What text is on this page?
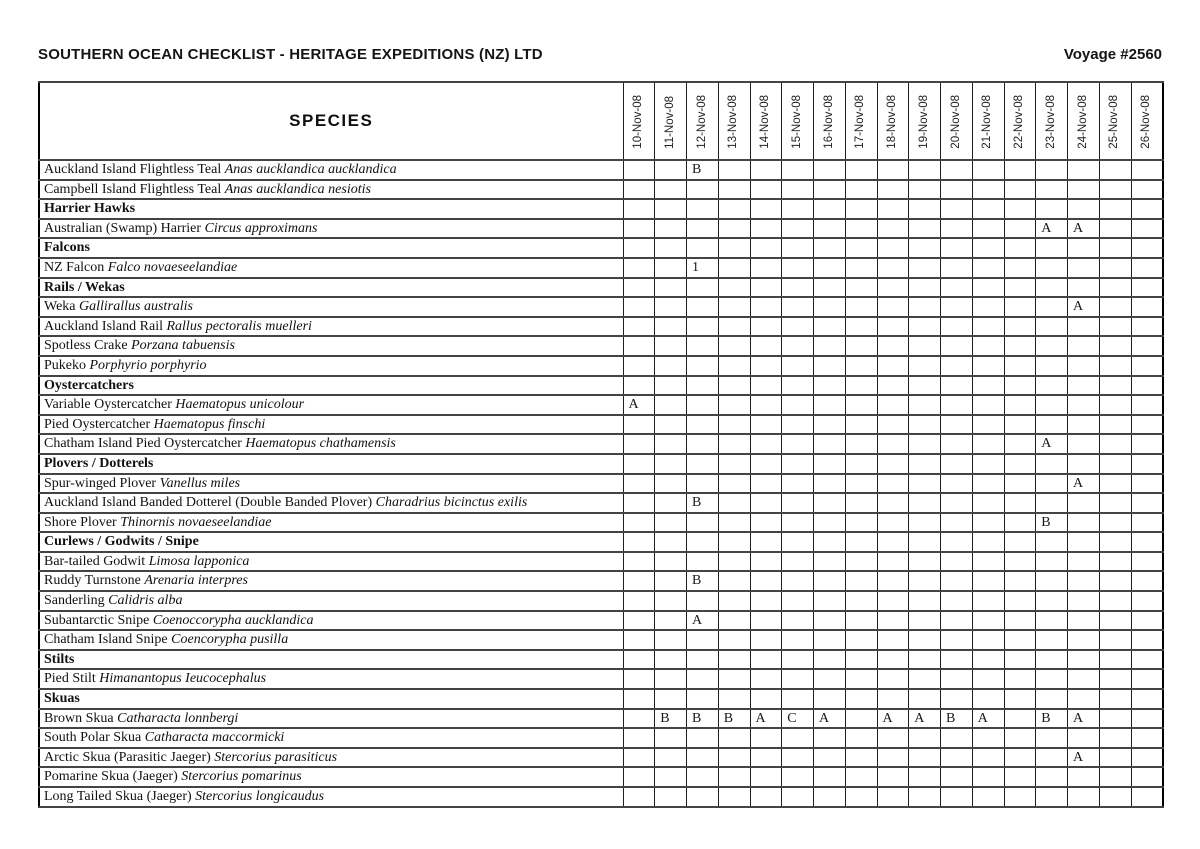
SOUTHERN OCEAN CHECKLIST - HERITAGE EXPEDITIONS (NZ) LTD	Voyage #2560
SPECIES	10-Nov-08	11-Nov-08	12-Nov-08	13-Nov-08	14-Nov-08	15-Nov-08	16-Nov-08	17-Nov-08	18-Nov-08	19-Nov-08	20-Nov-08	21-Nov-08	22-Nov-08	23-Nov-08	24-Nov-08	25-Nov-08	26-Nov-08
Auckland Island Flightless Teal Anas aucklandica aucklandica			B														
Campbell Island Flightless Teal Anas aucklandica nesiotis																	
Harrier Hawks																	
Australian (Swamp) Harrier Circus approximans														A	A		
Falcons																	
NZ Falcon Falco novaeseelandiae			1														
Rails / Wekas																	
Weka Gallirallus australis															A		
Auckland Island Rail Rallus pectoralis muelleri																	
Spotless Crake Porzana tabuensis																	
Pukeko Porphyrio porphyrio																	
Oystercatchers																	
Variable Oystercatcher Haematopus unicolour	A																
Pied Oystercatcher Haematopus finschi																	
Chatham Island Pied Oystercatcher Haematopus chathamensis														A			
Plovers / Dotterels																	
Spur-winged Plover Vanellus miles															A		
Auckland Island Banded Dotterel (Double Banded Plover) Charadrius bicinctus exilis			B														
Shore Plover Thinornis novaeseelandiae														B			
Curlews / Godwits / Snipe																	
Bar-tailed Godwit Limosa lapponica																	
Ruddy Turnstone Arenaria interpres			B														
Sanderling Calidris alba																	
Subantarctic Snipe Coenoccorypha aucklandica			A														
Chatham Island Snipe Coencorypha pusilla																	
Stilts																	
Pied Stilt Himanantopus Ieucocephalus																	
Skuas																	
Brown Skua Catharacta lonnbergi		B	B	B	A	C	A		A	A	B	A		B	A		
South Polar Skua Catharacta maccormicki																	
Arctic Skua (Parasitic Jaeger) Stercorius parasiticus															A		
Pomarine Skua (Jaeger) Stercorius pomarinus																	
Long Tailed Skua (Jaeger) Stercorius longicaudus																	
